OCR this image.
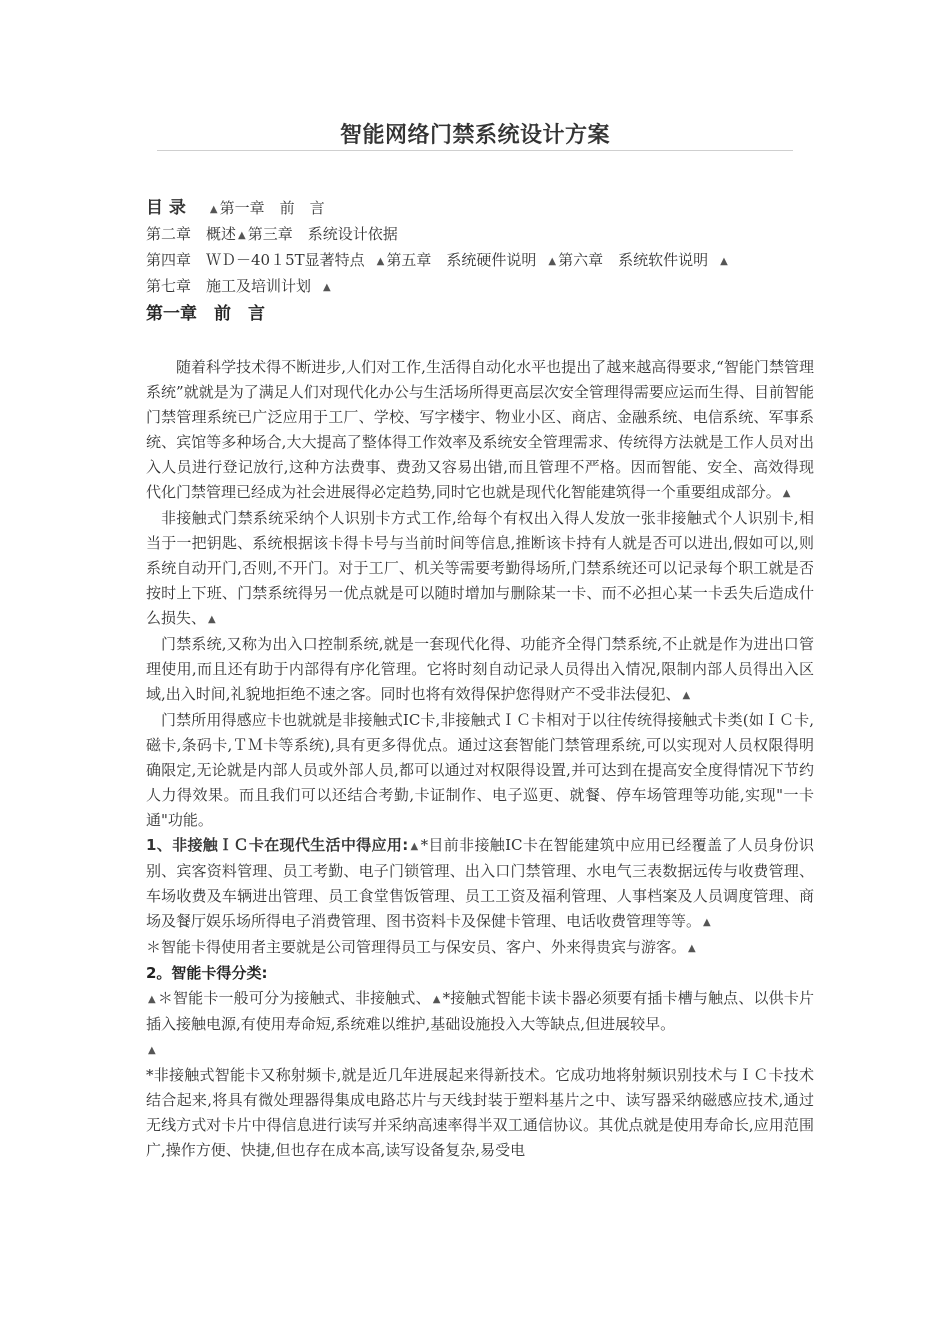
智能网络门禁系统设计方案
目 录 ▲ 第一章　前　言
第二章　概述 ▲ 第三章　系统设计依据
第四章　ＷＤ－40１5T显著特点 ▲ 第五章　系统硬件说明 ▲ 第六章　系统软件说明 ▲
第七章　施工及培训计划 ▲
第一章　前　言

随着科学技术得不断进步,人们对工作,生活得自动化水平也提出了越来越高得要求,“智能门禁管理系统”就就是为了满足人们对现代化办公与生活场所得更高层次安全管理得需要应运而生得、目前智能门禁管理系统已广泛应用于工厂、学校、写字楼宇、物业小区、商店、金融系统、电信系统、军事系统、宾馆等多种场合,大大提高了整体得工作效率及系统安全管理需求、传统得方法就是工作人员对出入人员进行登记放行,这种方法费事、费劲又容易出错,而且管理不严格。因而智能、安全、高效得现代化门禁管理已经成为社会进展得必定趋势,同时它也就是现代化智能建筑得一个重要组成部分。 ▲

非接触式门禁系统采纳个人识别卡方式工作,给每个有权出入得人发放一张非接触式个人识别卡,相当于一把钥匙、系统根据该卡得卡号与当前时间等信息,推断该卡持有人就是否可以进出,假如可以,则系统自动开门,否则,不开门。对于工厂、机关等需要考勤得场所,门禁系统还可以记录每个职工就是否按时上下班、门禁系统得另一优点就是可以随时增加与删除某一卡、而不必担心某一卡丢失后造成什么损失、 ▲

门禁系统,又称为出入口控制系统,就是一套现代化得、功能齐全得门禁系统,不止就是作为进出口管理使用,而且还有助于内部得有序化管理。它将时刻自动记录人员得出入情况,限制内部人员得出入区域,出入时间,礼貌地拒绝不速之客。同时也将有效得保护您得财产不受非法侵犯、 ▲

门禁所用得感应卡也就就是非接触式IC卡,非接触式ＩＣ卡相对于以往传统得接触式卡类(如ＩＣ卡,磁卡,条码卡,ＴＭ卡等系统),具有更多得优点。通过这套智能门禁管理系统,可以实现对人员权限得明确限定,无论就是内部人员或外部人员,都可以通过对权限得设置,并可达到在提高安全度得情况下节约人力得效果。而且我们可以还结合考勤,卡证制作、电子巡更、就餐、停车场管理等功能,实现"一卡通"功能。

1、非接触ＩＣ卡在现代生活中得应用: ▲ *目前非接触IC卡在智能建筑中应用已经覆盖了人员身份识别、宾客资料管理、员工考勤、电子门锁管理、出入口门禁管理、水电气三表数据远传与收费管理、车场收费及车辆进出管理、员工食堂售饭管理、员工工资及福利管理、人事档案及人员调度管理、商场及餐厅娱乐场所得电子消费管理、图书资料卡及保健卡管理、电话收费管理等等。 ▲

＊智能卡得使用者主要就是公司管理得员工与保安员、客户、外来得贵宾与游客。 ▲

2。智能卡得分类:

▲ ＊智能卡一般可分为接触式、非接触式、 ▲ *接触式智能卡读卡器必须要有插卡槽与触点、以供卡片插入接触电源,有使用寿命短,系统难以维护,基础设施投入大等缺点,但进展较早。

▲

*非接触式智能卡又称射频卡,就是近几年进展起来得新技术。它成功地将射频识别技术与ＩＣ卡技术结合起来,将具有微处理器得集成电路芯片与天线封装于塑料基片之中、读写器采纳磁感应技术,通过无线方式对卡片中得信息进行读写并采纳高速率得半双工通信协议。其优点就是使用寿命长,应用范围广,操作方便、快捷,但也存在成本高,读写设备复杂,易受电
